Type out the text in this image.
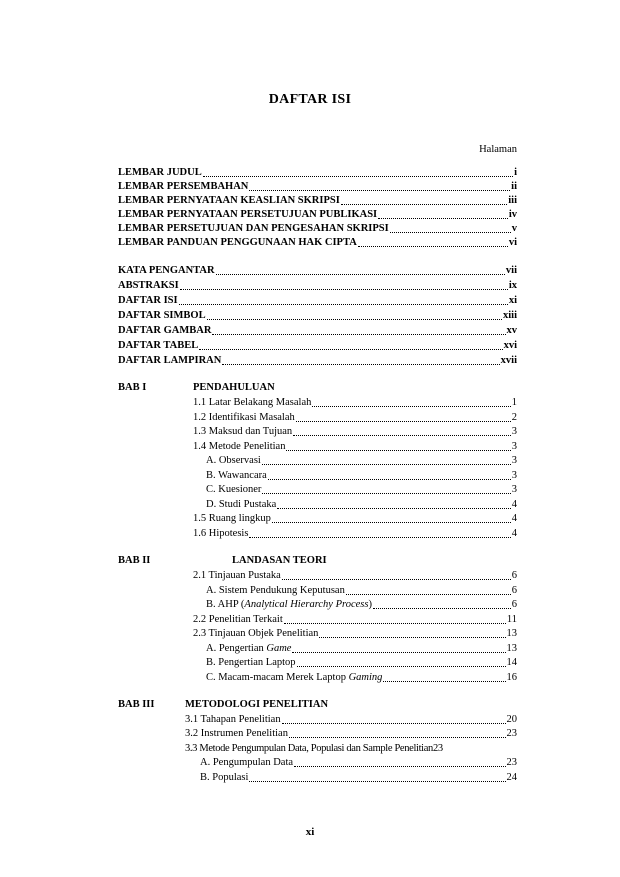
DAFTAR ISI
Halaman
LEMBAR JUDUL	i
LEMBAR PERSEMBAHAN	ii
LEMBAR PERNYATAAN KEASLIAN SKRIPSI	iii
LEMBAR PERNYATAAN PERSETUJUAN PUBLIKASI	iv
LEMBAR PERSETUJUAN DAN PENGESAHAN SKRIPSI	v
LEMBAR PANDUAN PENGGUNAAN HAK CIPTA	vi
KATA PENGANTAR	vii
ABSTRAKSI	ix
DAFTAR ISI	xi
DAFTAR SIMBOL	xiii
DAFTAR GAMBAR	xv
DAFTAR TABEL	xvi
DAFTAR LAMPIRAN	xvii
BAB I	PENDAHULUAN
1.1 Latar Belakang Masalah	1
1.2 Identifikasi Masalah	2
1.3 Maksud dan Tujuan	3
1.4 Metode Penelitian	3
A. Observasi	3
B. Wawancara	3
C. Kuesioner	3
D. Studi Pustaka	4
1.5 Ruang lingkup	4
1.6 Hipotesis	4
BAB II	LANDASAN TEORI
2.1 Tinjauan Pustaka	6
A. Sistem Pendukung Keputusan	6
B. AHP (Analytical Hierarchy Process)	6
2.2 Penelitian Terkait	11
2.3 Tinjauan Objek Penelitian	13
A. Pengertian Game	13
B. Pengertian Laptop	14
C. Macam-macam Merek Laptop Gaming	16
BAB III	METODOLOGI PENELITIAN
3.1 Tahapan Penelitian	20
3.2 Instrumen Penelitian	23
3.3 Metode Pengumpulan Data, Populasi dan Sample Penelitian 23
A. Pengumpulan Data	23
B. Populasi	24
xi
